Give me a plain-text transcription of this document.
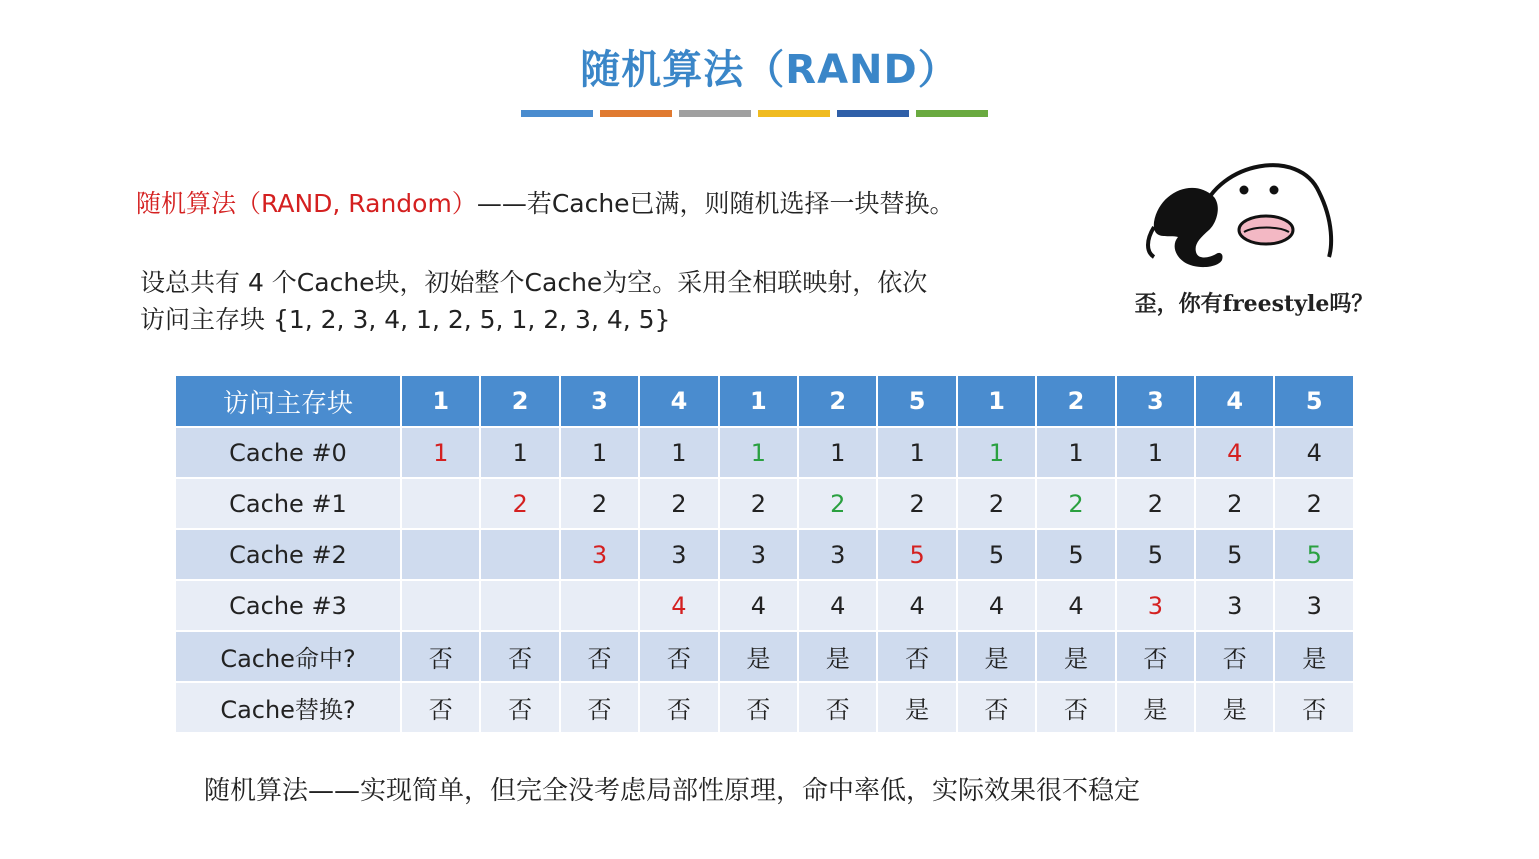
随机算法（RAND）
随机算法（RAND, Random）——若Cache已满，则随机选择一块替换。

设总共有 4 个Cache块，初始整个Cache为空。采用全相联映射，依次

访问主存块 {1, 2, 3, 4, 1, 2, 5, 1, 2, 3, 4, 5}

歪，你有freestyle吗？
访问主存块	1	2	3	4	1	2	5	1	2	3	4	5
Cache #0	1	1	1	1	1	1	1	1	1	1	4	4
Cache #1		2	2	2	2	2	2	2	2	2	2	2
Cache #2			3	3	3	3	5	5	5	5	5	5
Cache #3				4	4	4	4	4	4	3	3	3
Cache命中?	否	否	否	否	是	是	否	是	是	否	否	是
Cache替换?	否	否	否	否	否	否	是	否	否	是	是	否
随机算法——实现简单，但完全没考虑局部性原理，命中率低，实际效果很不稳定
